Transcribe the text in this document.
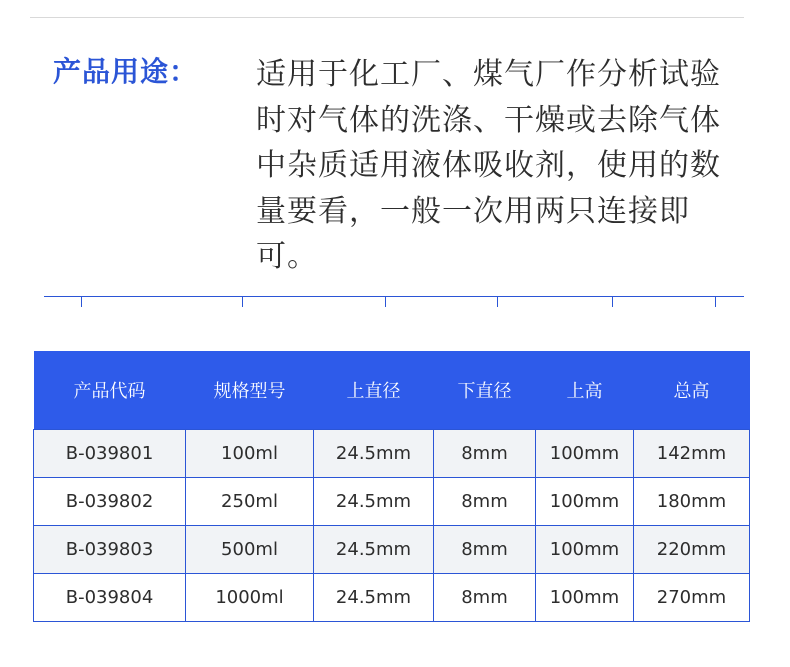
产品用途： 适用于化工厂、煤气厂作分析试验时对气体的洗涤、干燥或去除气体中杂质适用液体吸收剂，使用的数量要看，一般一次用两只连接即可。
产品代码	规格型号	上直径	下直径	上高	总高
B-039801	100ml	24.5mm	8mm	100mm	142mm
B-039802	250ml	24.5mm	8mm	100mm	180mm
B-039803	500ml	24.5mm	8mm	100mm	220mm
B-039804	1000ml	24.5mm	8mm	100mm	270mm
